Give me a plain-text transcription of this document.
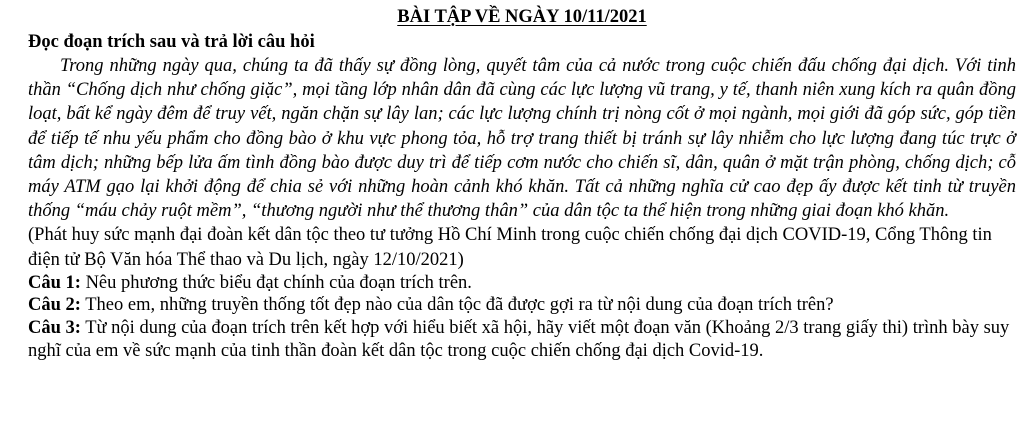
BÀI TẬP VỀ NGÀY 10/11/2021

Đọc đoạn trích sau và trả lời câu hỏi

Trong những ngày qua, chúng ta đã thấy sự đồng lòng, quyết tâm của cả nước trong cuộc chiến đấu chống đại dịch. Với tinh thần “Chống dịch như chống giặc”, mọi tầng lớp nhân dân đã cùng các lực lượng vũ trang, y tế, thanh niên xung kích ra quân đồng loạt, bất kể ngày đêm để truy vết, ngăn chặn sự lây lan; các lực lượng chính trị nòng cốt ở mọi ngành, mọi giới đã góp sức, góp tiền để tiếp tế nhu yếu phẩm cho đồng bào ở khu vực phong tỏa, hỗ trợ trang thiết bị tránh sự lây nhiễm cho lực lượng đang túc trực ở tâm dịch; những bếp lửa ấm tình đồng bào được duy trì để tiếp cơm nước cho chiến sĩ, dân, quân ở mặt trận phòng, chống dịch; cỗ máy ATM gạo lại khởi động để chia sẻ với những hoàn cảnh khó khăn. Tất cả những nghĩa cử cao đẹp ấy được kết tinh từ truyền thống “máu chảy ruột mềm”, “thương người như thể thương thân” của dân tộc ta thể hiện trong những giai đoạn khó khăn.

(Phát huy sức mạnh đại đoàn kết dân tộc theo tư tưởng Hồ Chí Minh trong cuộc chiến chống đại dịch COVID-19, Cổng Thông tin điện tử Bộ Văn hóa Thể thao và Du lịch, ngày 12/10/2021)

Câu 1: Nêu phương thức biểu đạt chính của đoạn trích trên.

Câu 2: Theo em, những truyền thống tốt đẹp nào của dân tộc đã được gợi ra từ nội dung của đoạn trích trên?

Câu 3: Từ nội dung của đoạn trích trên kết hợp với hiểu biết xã hội, hãy viết một đoạn văn (Khoảng 2/3 trang giấy thi) trình bày suy nghĩ của em về sức mạnh của tinh thần đoàn kết dân tộc trong cuộc chiến chống đại dịch Covid-19.
